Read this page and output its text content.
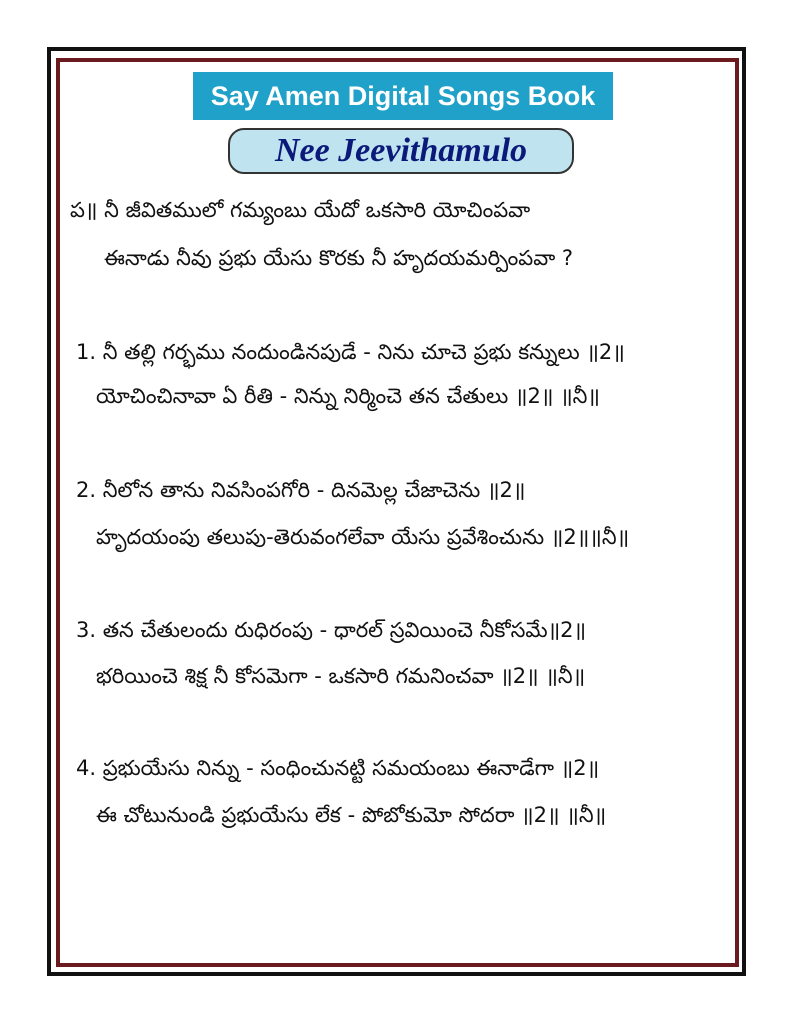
Say Amen Digital Songs Book
Nee Jeevithamulo
ప॥ నీ జీవితములో గమ్యంబు యేదో ఒకసారి యోచింపవా
ఈనాడు నీవు ప్రభు యేసు కొరకు నీ హృదయమర్పింపవా ?
1. నీ తల్లి గర్భము నందుండినపుడే - నిను చూచె ప్రభు కన్నులు ॥2॥
యోచించినావా ఏ రీతి - నిన్ను నిర్మించె తన చేతులు ॥2॥ ॥నీ॥
2. నీలోన తాను నివసింపగోరి - దినమెల్ల చేజాచెను ॥2॥
హృదయంపు తలుపు-తెరువంగలేవా యేసు ప్రవేశించును ॥2॥॥నీ॥
3. తన చేతులందు రుధిరంపు - ధారల్ స్రవియించె నీకోసమే॥2॥
భరియించె శిక్ష నీ కోసమెగా - ఒకసారి గమనించవా ॥2॥ ॥నీ॥
4. ప్రభుయేసు నిన్ను - సంధించునట్టి సమయంబు ఈనాడేగా ॥2॥
ఈ చోటునుండి ప్రభుయేసు లేక - పోబోకుమో సోదరా ॥2॥ ॥నీ॥
